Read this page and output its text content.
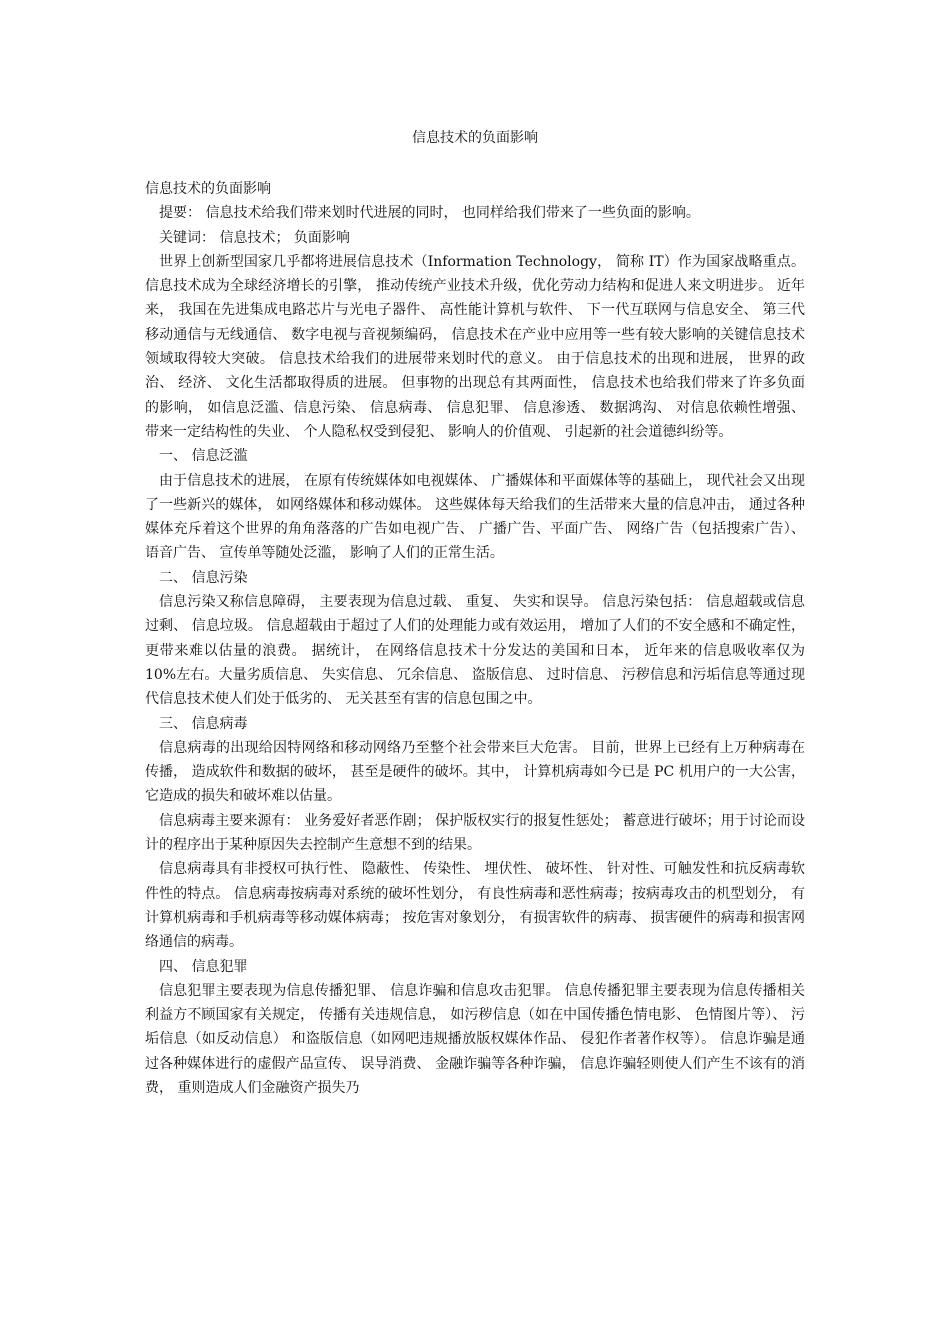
信息技术的负面影响

信息技术的负面影响

提要： 信息技术给我们带来划时代进展的同时， 也同样给我们带来了一些负面的影响。

关键词： 信息技术； 负面影响

世界上创新型国家几乎都将进展信息技术（Information Technology， 简称 IT）作为国家战略重点。 信息技术成为全球经济增长的引擎， 推动传统产业技术升级，优化劳动力结构和促进人来文明进步。 近年来， 我国在先进集成电路芯片与光电子器件、 高性能计算机与软件、 下一代互联网与信息安全、 第三代移动通信与无线通信、 数字电视与音视频编码， 信息技术在产业中应用等一些有较大影响的关键信息技术领域取得较大突破。 信息技术给我们的进展带来划时代的意义。 由于信息技术的出现和进展， 世界的政治、 经济、 文化生活都取得质的进展。 但事物的出现总有其两面性， 信息技术也给我们带来了许多负面的影响， 如信息泛滥、信息污染、 信息病毒、 信息犯罪、 信息渗透、 数据鸿沟、 对信息依赖性增强、 带来一定结构性的失业、 个人隐私权受到侵犯、 影响人的价值观、 引起新的社会道德纠纷等。

一、 信息泛滥

由于信息技术的进展， 在原有传统媒体如电视媒体、 广播媒体和平面媒体等的基础上， 现代社会又出现了一些新兴的媒体， 如网络媒体和移动媒体。 这些媒体每天给我们的生活带来大量的信息冲击， 通过各种媒体充斥着这个世界的角角落落的广告如电视广告、 广播广告、平面广告、 网络广告（包括搜索广告）、 语音广告、 宣传单等随处泛滥， 影响了人们的正常生活。

二、 信息污染

信息污染又称信息障碍， 主要表现为信息过载、 重复、 失实和误导。 信息污染包括： 信息超载或信息过剩、 信息垃圾。 信息超载由于超过了人们的处理能力或有效运用， 增加了人们的不安全感和不确定性， 更带来难以估量的浪费。 据统计， 在网络信息技术十分发达的美国和日本， 近年来的信息吸收率仅为 10%左右。大量劣质信息、 失实信息、 冗余信息、 盗版信息、 过时信息、 污秽信息和污垢信息等通过现代信息技术使人们处于低劣的、 无关甚至有害的信息包围之中。

三、 信息病毒

信息病毒的出现给因特网络和移动网络乃至整个社会带来巨大危害。 目前，世界上已经有上万种病毒在传播， 造成软件和数据的破坏， 甚至是硬件的破坏。其中， 计算机病毒如今已是 PC 机用户的一大公害， 它造成的损失和破坏难以估量。

信息病毒主要来源有： 业务爱好者恶作剧； 保护版权实行的报复性惩处； 蓄意进行破坏；用于讨论而设计的程序出于某种原因失去控制产生意想不到的结果。

信息病毒具有非授权可执行性、 隐蔽性、 传染性、 埋伏性、 破坏性、 针对性、可触发性和抗反病毒软件性的特点。 信息病毒按病毒对系统的破坏性划分， 有良性病毒和恶性病毒；按病毒攻击的机型划分， 有计算机病毒和手机病毒等移动媒体病毒； 按危害对象划分， 有损害软件的病毒、 损害硬件的病毒和损害网络通信的病毒。

四、 信息犯罪

信息犯罪主要表现为信息传播犯罪、 信息诈骗和信息攻击犯罪。 信息传播犯罪主要表现为信息传播相关利益方不顾国家有关规定， 传播有关违规信息， 如污秽信息（如在中国传播色情电影、 色情图片等）、 污垢信息（如反动信息） 和盗版信息（如网吧违规播放版权媒体作品、 侵犯作者著作权等）。 信息诈骗是通过各种媒体进行的虚假产品宣传、 误导消费、 金融诈骗等各种诈骗， 信息诈骗轻则使人们产生不该有的消费， 重则造成人们金融资产损失乃
